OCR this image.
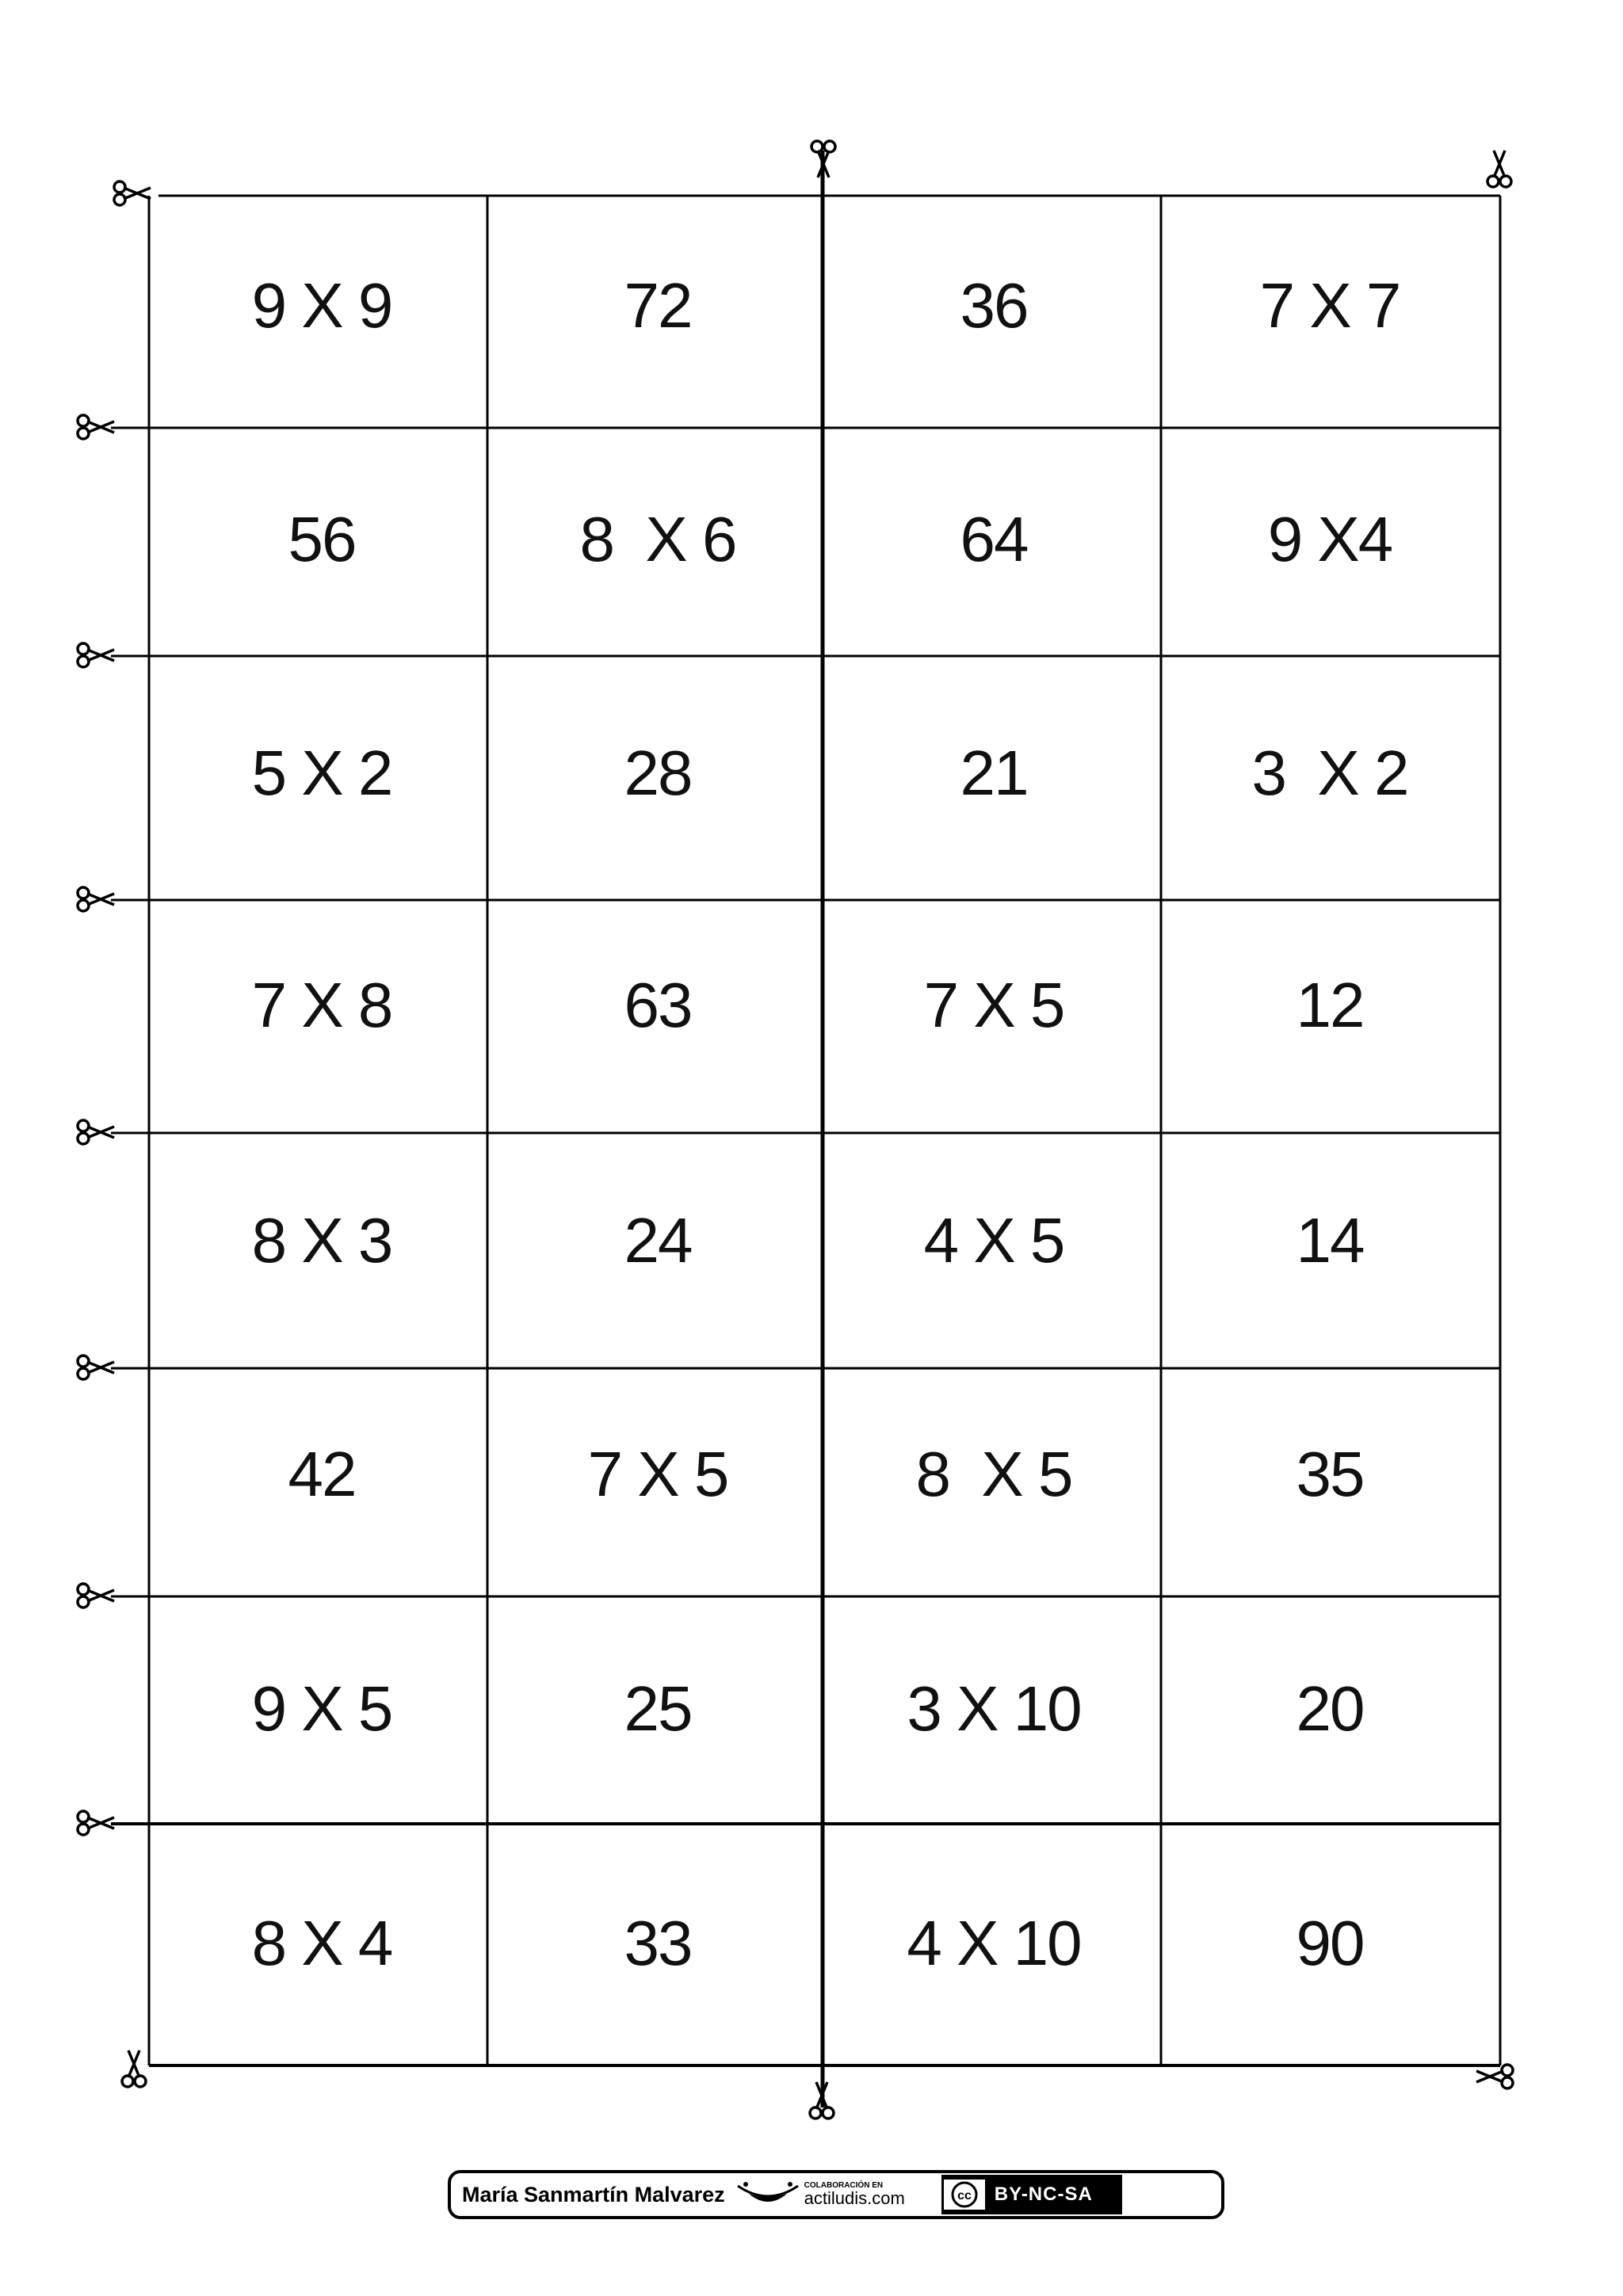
9 X 9	72	36	7 X 7
56	8  X 6	64	9 X4
5 X 2	28	21	3  X 2
7 X 8	63	7 X 5	12
8 X 3	24	4 X 5	14
42	7 X 5	8  X 5	35
9 X 5	25	3 X 10	20
8 X 4	33	4 X 10	90
María Sanmartín Malvarez	COLABORACIÓN EN
actiludis.com	cc	BY-NC-SA
